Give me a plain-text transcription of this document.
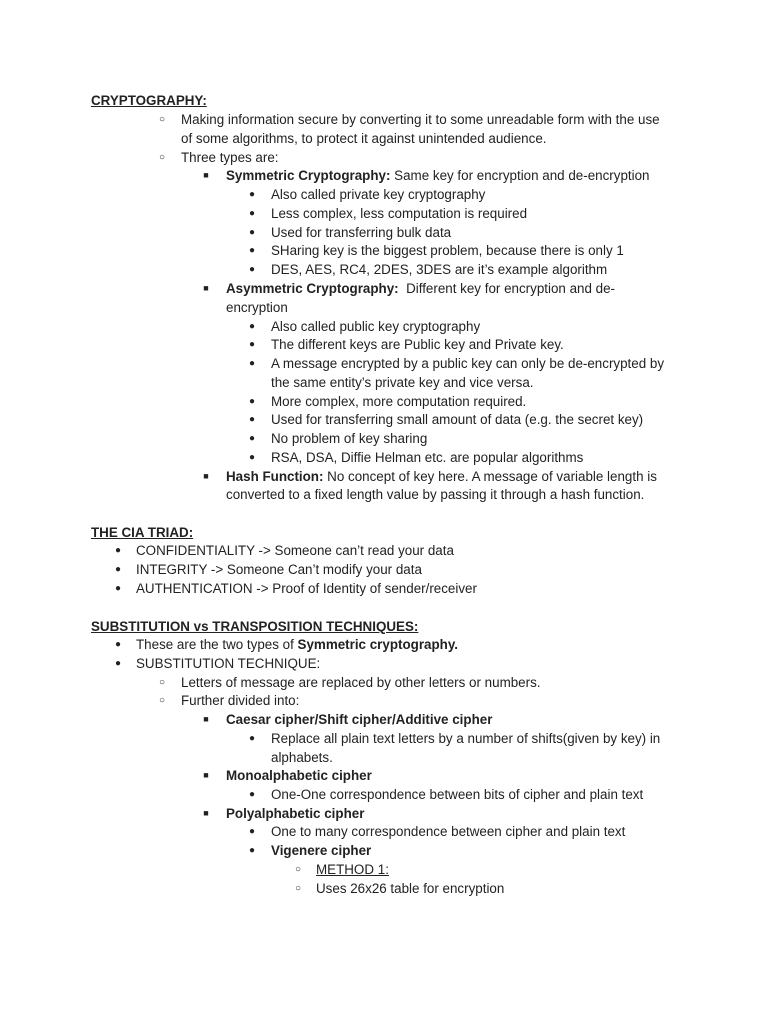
CRYPTOGRAPHY:
○	Making information secure by converting it to some unreadable form with the use
of some algorithms, to protect it against unintended audience.
○	Three types are:
■	Symmetric Cryptography: Same key for encryption and de-encryption
●	Also called private key cryptography
●	Less complex, less computation is required
●	Used for transferring bulk data
●	SHaring key is the biggest problem, because there is only 1
●	DES, AES, RC4, 2DES, 3DES are it’s example algorithm
■	Asymmetric Cryptography:  Different key for encryption and de-
encryption
●	Also called public key cryptography
●	The different keys are Public key and Private key.
●	A message encrypted by a public key can only be de-encrypted by
the same entity’s private key and vice versa.
●	More complex, more computation required.
●	Used for transferring small amount of data (e.g. the secret key)
●	No problem of key sharing
●	RSA, DSA, Diffie Helman etc. are popular algorithms
■	Hash Function: No concept of key here. A message of variable length is
converted to a fixed length value by passing it through a hash function.
THE CIA TRIAD:
●	CONFIDENTIALITY -> Someone can’t read your data
●	INTEGRITY -> Someone Can’t modify your data
●	AUTHENTICATION -> Proof of Identity of sender/receiver
SUBSTITUTION vs TRANSPOSITION TECHNIQUES:
●	These are the two types of Symmetric cryptography.
●	SUBSTITUTION TECHNIQUE:
○	Letters of message are replaced by other letters or numbers.
○	Further divided into:
■	Caesar cipher/Shift cipher/Additive cipher
●	Replace all plain text letters by a number of shifts(given by key) in
alphabets.
■	Monoalphabetic cipher
●	One-One correspondence between bits of cipher and plain text
■	Polyalphabetic cipher
●	One to many correspondence between cipher and plain text
●	Vigenere cipher
○	METHOD 1:
○	Uses 26x26 table for encryption
